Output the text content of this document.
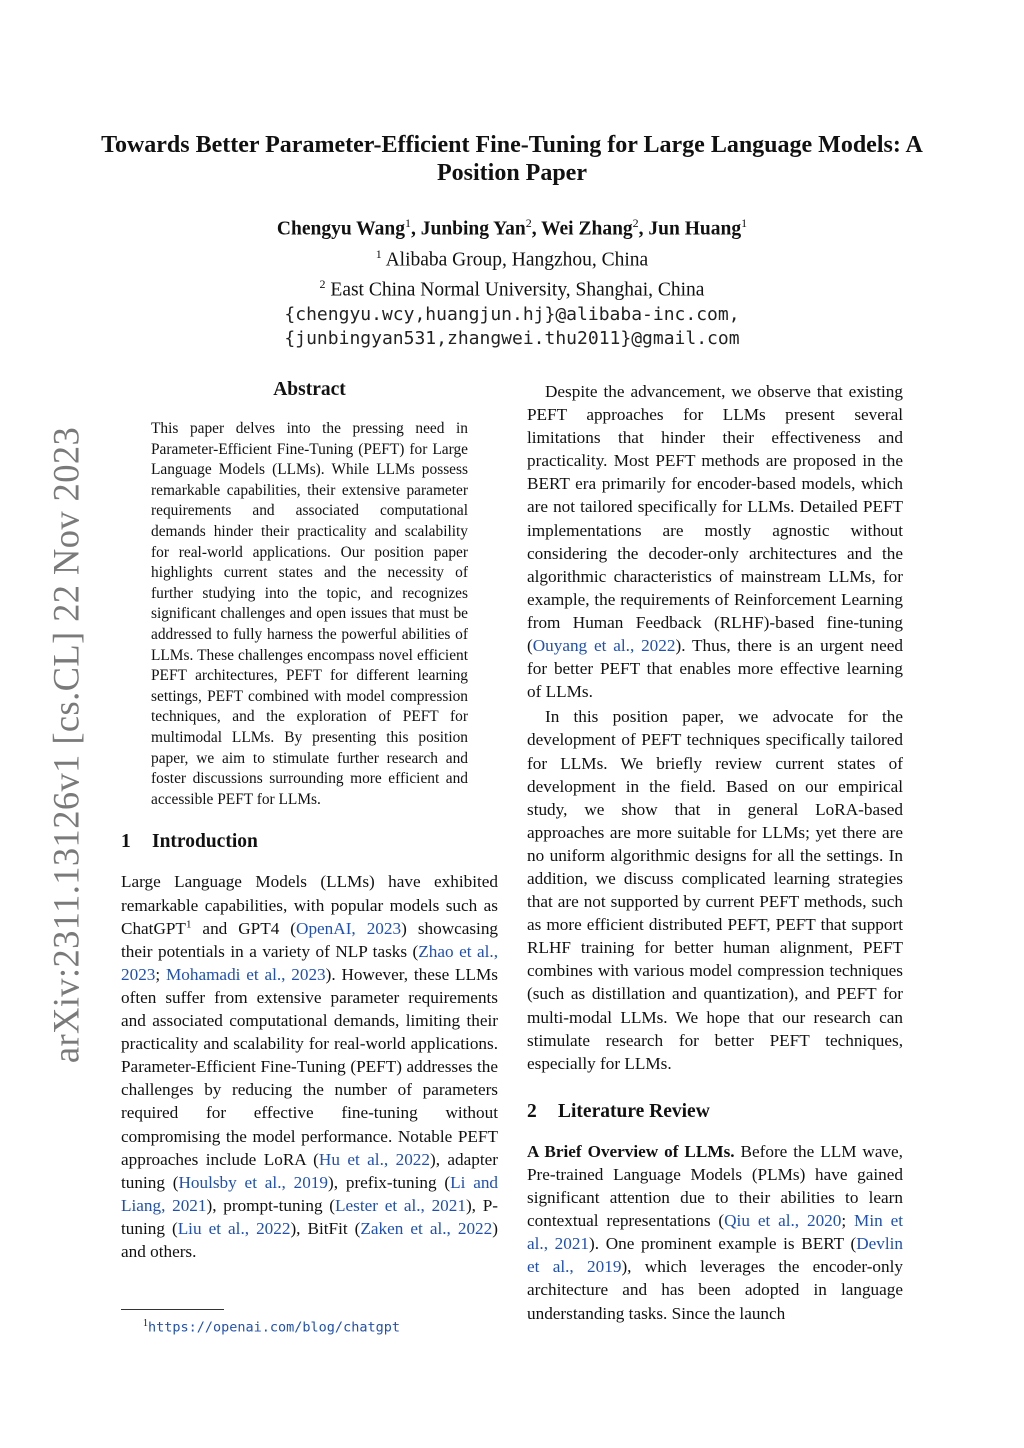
arXiv:2311.13126v1 [cs.CL] 22 Nov 2023
Towards Better Parameter-Efficient Fine-Tuning for Large Language Models: A Position Paper
Chengyu Wang$^1$, Junbing Yan$^2$, Wei Zhang$^2$, Jun Huang$^1$
$^1$ Alibaba Group, Hangzhou, China
$^2$ East China Normal University, Shanghai, China
{chengyu.wcy,huangjun.hj}@alibaba-inc.com,
{junbingyan531,zhangwei.thu2011}@gmail.com
Abstract

This paper delves into the pressing need in Parameter-Efficient Fine-Tuning (PEFT) for Large Language Models (LLMs). While LLMs possess remarkable capabilities, their extensive parameter requirements and associated computational demands hinder their practicality and scalability for real-world applications. Our position paper highlights current states and the necessity of further studying into the topic, and recognizes significant challenges and open issues that must be addressed to fully harness the powerful abilities of LLMs. These challenges encompass novel efficient PEFT architectures, PEFT for different learning settings, PEFT combined with model compression techniques, and the exploration of PEFT for multimodal LLMs. By presenting this position paper, we aim to stimulate further research and foster discussions surrounding more efficient and accessible PEFT for LLMs.

1 Introduction

Large Language Models (LLMs) have exhibited remarkable capabilities, with popular models such as ChatGPT$^1$ and GPT4 (OpenAI, 2023) showcasing their potentials in a variety of NLP tasks (Zhao et al., 2023; Mohamadi et al., 2023). However, these LLMs often suffer from extensive parameter requirements and associated computational demands, limiting their practicality and scalability for real-world applications. Parameter-Efficient Fine-Tuning (PEFT) addresses the challenges by reducing the number of parameters required for effective fine-tuning without compromising the model performance. Notable PEFT approaches include LoRA (Hu et al., 2022), adapter tuning (Houlsby et al., 2019), prefix-tuning (Li and Liang, 2021), prompt-tuning (Lester et al., 2021), P-tuning (Liu et al., 2022), BitFit (Zaken et al., 2022) and others.

$^1$https://openai.com/blog/chatgpt

Despite the advancement, we observe that existing PEFT approaches for LLMs present several limitations that hinder their effectiveness and practicality. Most PEFT methods are proposed in the BERT era primarily for encoder-based models, which are not tailored specifically for LLMs. Detailed PEFT implementations are mostly agnostic without considering the decoder-only architectures and the algorithmic characteristics of mainstream LLMs, for example, the requirements of Reinforcement Learning from Human Feedback (RLHF)-based fine-tuning (Ouyang et al., 2022). Thus, there is an urgent need for better PEFT that enables more effective learning of LLMs.

In this position paper, we advocate for the development of PEFT techniques specifically tailored for LLMs. We briefly review current states of development in the field. Based on our empirical study, we show that in general LoRA-based approaches are more suitable for LLMs; yet there are no uniform algorithmic designs for all the settings. In addition, we discuss complicated learning strategies that are not supported by current PEFT methods, such as more efficient distributed PEFT, PEFT that support RLHF training for better human alignment, PEFT combines with various model compression techniques (such as distillation and quantization), and PEFT for multi-modal LLMs. We hope that our research can stimulate research for better PEFT techniques, especially for LLMs.

2 Literature Review

A Brief Overview of LLMs. Before the LLM wave, Pre-trained Language Models (PLMs) have gained significant attention due to their abilities to learn contextual representations (Qiu et al., 2020; Min et al., 2021). One prominent example is BERT (Devlin et al., 2019), which leverages the encoder-only architecture and has been adopted in language understanding tasks. Since the launch
